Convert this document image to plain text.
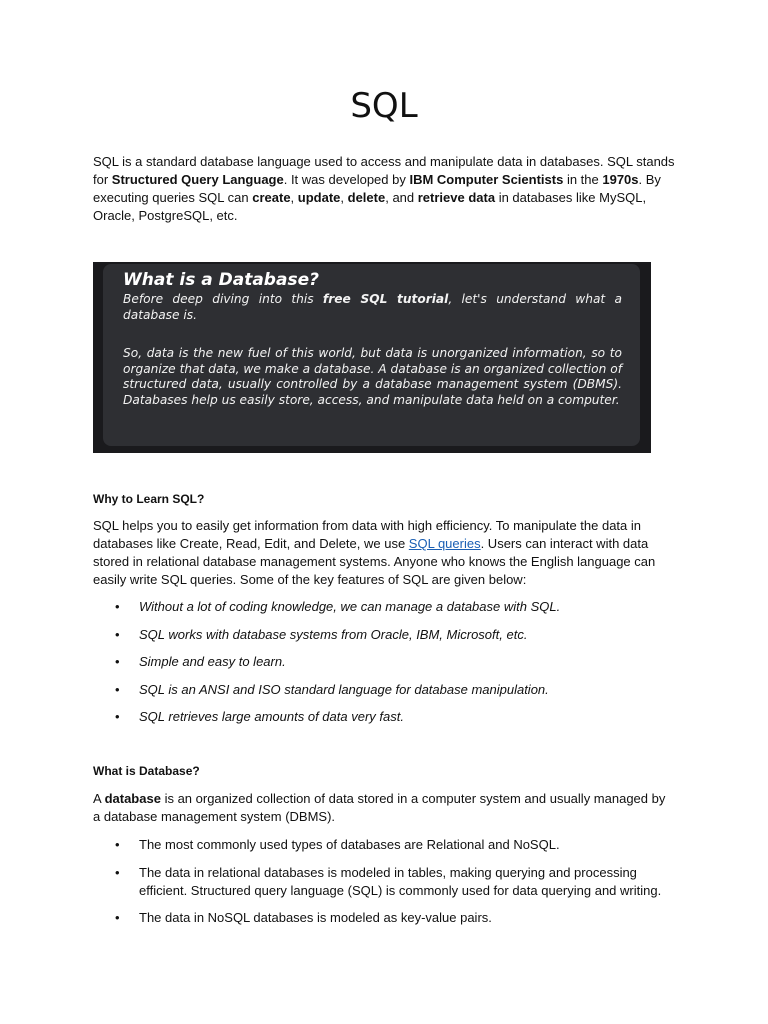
SQL

SQL is a standard database language used to access and manipulate data in databases. SQL stands for Structured Query Language. It was developed by IBM Computer Scientists in the 1970s. By executing queries SQL can create, update, delete, and retrieve data in databases like MySQL, Oracle, PostgreSQL, etc.

What is a Database?

Before deep diving into this free SQL tutorial, let's understand what a database is.

So, data is the new fuel of this world, but data is unorganized information, so to organize that data, we make a database. A database is an organized collection of structured data, usually controlled by a database management system (DBMS). Databases help us easily store, access, and manipulate data held on a computer.

Why to Learn SQL?

SQL helps you to easily get information from data with high efficiency. To manipulate the data in databases like Create, Read, Edit, and Delete, we use SQL queries. Users can interact with data stored in relational database management systems. Anyone who knows the English language can easily write SQL queries. Some of the key features of SQL are given below:

• Without a lot of coding knowledge, we can manage a database with SQL.
• SQL works with database systems from Oracle, IBM, Microsoft, etc.
• Simple and easy to learn.
• SQL is an ANSI and ISO standard language for database manipulation.
• SQL retrieves large amounts of data very fast.
What is Database?

A database is an organized collection of data stored in a computer system and usually managed by a database management system (DBMS).

• The most commonly used types of databases are Relational and NoSQL.
• The data in relational databases is modeled in tables, making querying and processing efficient. Structured query language (SQL) is commonly used for data querying and writing.
• The data in NoSQL databases is modeled as key-value pairs.
